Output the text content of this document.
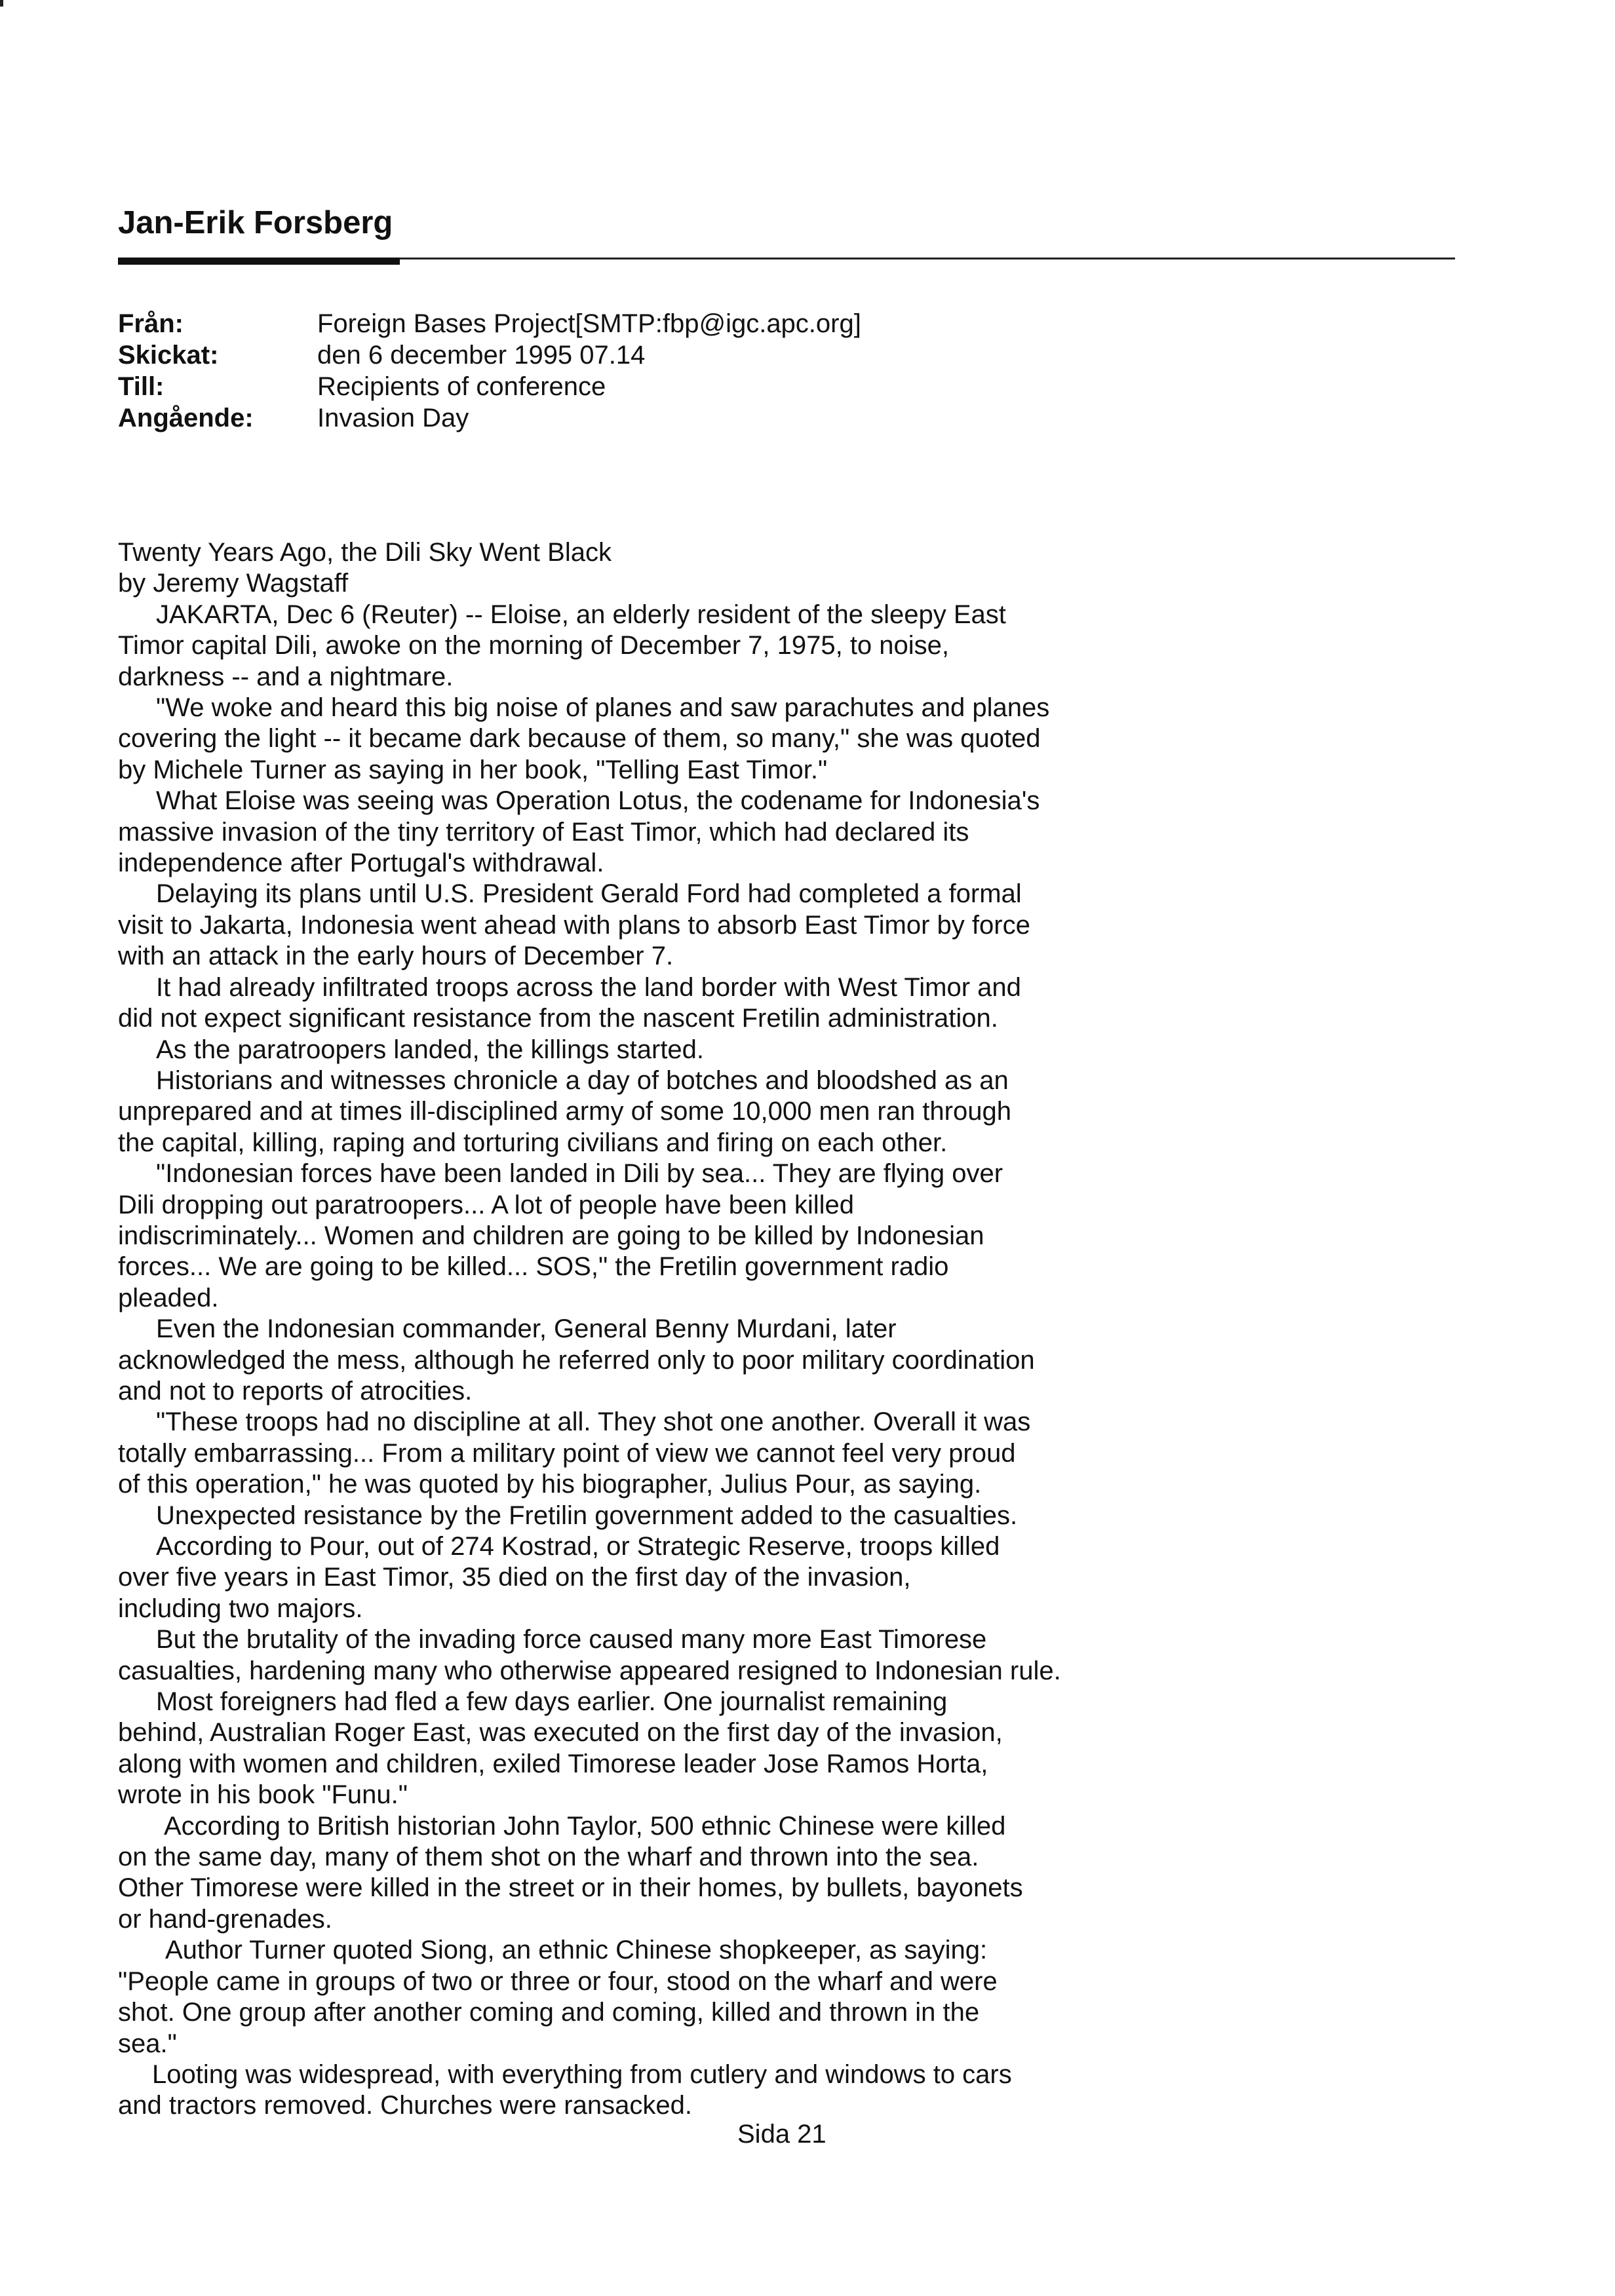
Jan-Erik Forsberg
Från:	Foreign Bases Project[SMTP:fbp@igc.apc.org]
Skickat:	den 6 december 1995 07.14
Till:	Recipients of conference
Angående:	Invasion Day

Twenty Years Ago, the Dili Sky Went Black

by Jeremy Wagstaff

JAKARTA, Dec 6 (Reuter) -- Eloise, an elderly resident of the sleepy East

Timor capital Dili, awoke on the morning of December 7, 1975, to noise,

darkness -- and a nightmare.

"We woke and heard this big noise of planes and saw parachutes and planes

covering the light -- it became dark because of them, so many," she was quoted

by Michele Turner as saying in her book, "Telling East Timor."

What Eloise was seeing was Operation Lotus, the codename for Indonesia's

massive invasion of the tiny territory of East Timor, which had declared its

independence after Portugal's withdrawal.

Delaying its plans until U.S. President Gerald Ford had completed a formal

visit to Jakarta, Indonesia went ahead with plans to absorb East Timor by force

with an attack in the early hours of December 7.

It had already infiltrated troops across the land border with West Timor and

did not expect significant resistance from the nascent Fretilin administration.

As the paratroopers landed, the killings started.

Historians and witnesses chronicle a day of botches and bloodshed as an

unprepared and at times ill-disciplined army of some 10,000 men ran through

the capital, killing, raping and torturing civilians and firing on each other.

"Indonesian forces have been landed in Dili by sea... They are flying over

Dili dropping out paratroopers... A lot of people have been killed

indiscriminately... Women and children are going to be killed by Indonesian

forces... We are going to be killed... SOS," the Fretilin government radio

pleaded.

Even the Indonesian commander, General Benny Murdani, later

acknowledged the mess, although he referred only to poor military coordination

and not to reports of atrocities.

"These troops had no discipline at all. They shot one another. Overall it was

totally embarrassing... From a military point of view we cannot feel very proud

of this operation," he was quoted by his biographer, Julius Pour, as saying.

Unexpected resistance by the Fretilin government added to the casualties.

According to Pour, out of 274 Kostrad, or Strategic Reserve, troops killed

over five years in East Timor, 35 died on the first day of the invasion,

including two majors.

But the brutality of the invading force caused many more East Timorese

casualties, hardening many who otherwise appeared resigned to Indonesian rule.

Most foreigners had fled a few days earlier. One journalist remaining

behind, Australian Roger East, was executed on the first day of the invasion,

along with women and children, exiled Timorese leader Jose Ramos Horta,

wrote in his book "Funu."

According to British historian John Taylor, 500 ethnic Chinese were killed

on the same day, many of them shot on the wharf and thrown into the sea.

Other Timorese were killed in the street or in their homes, by bullets, bayonets

or hand-grenades.

Author Turner quoted Siong, an ethnic Chinese shopkeeper, as saying:

"People came in groups of two or three or four, stood on the wharf and were

shot. One group after another coming and coming, killed and thrown in the

sea."

Looting was widespread, with everything from cutlery and windows to cars

and tractors removed. Churches were ransacked.

Sida 21
